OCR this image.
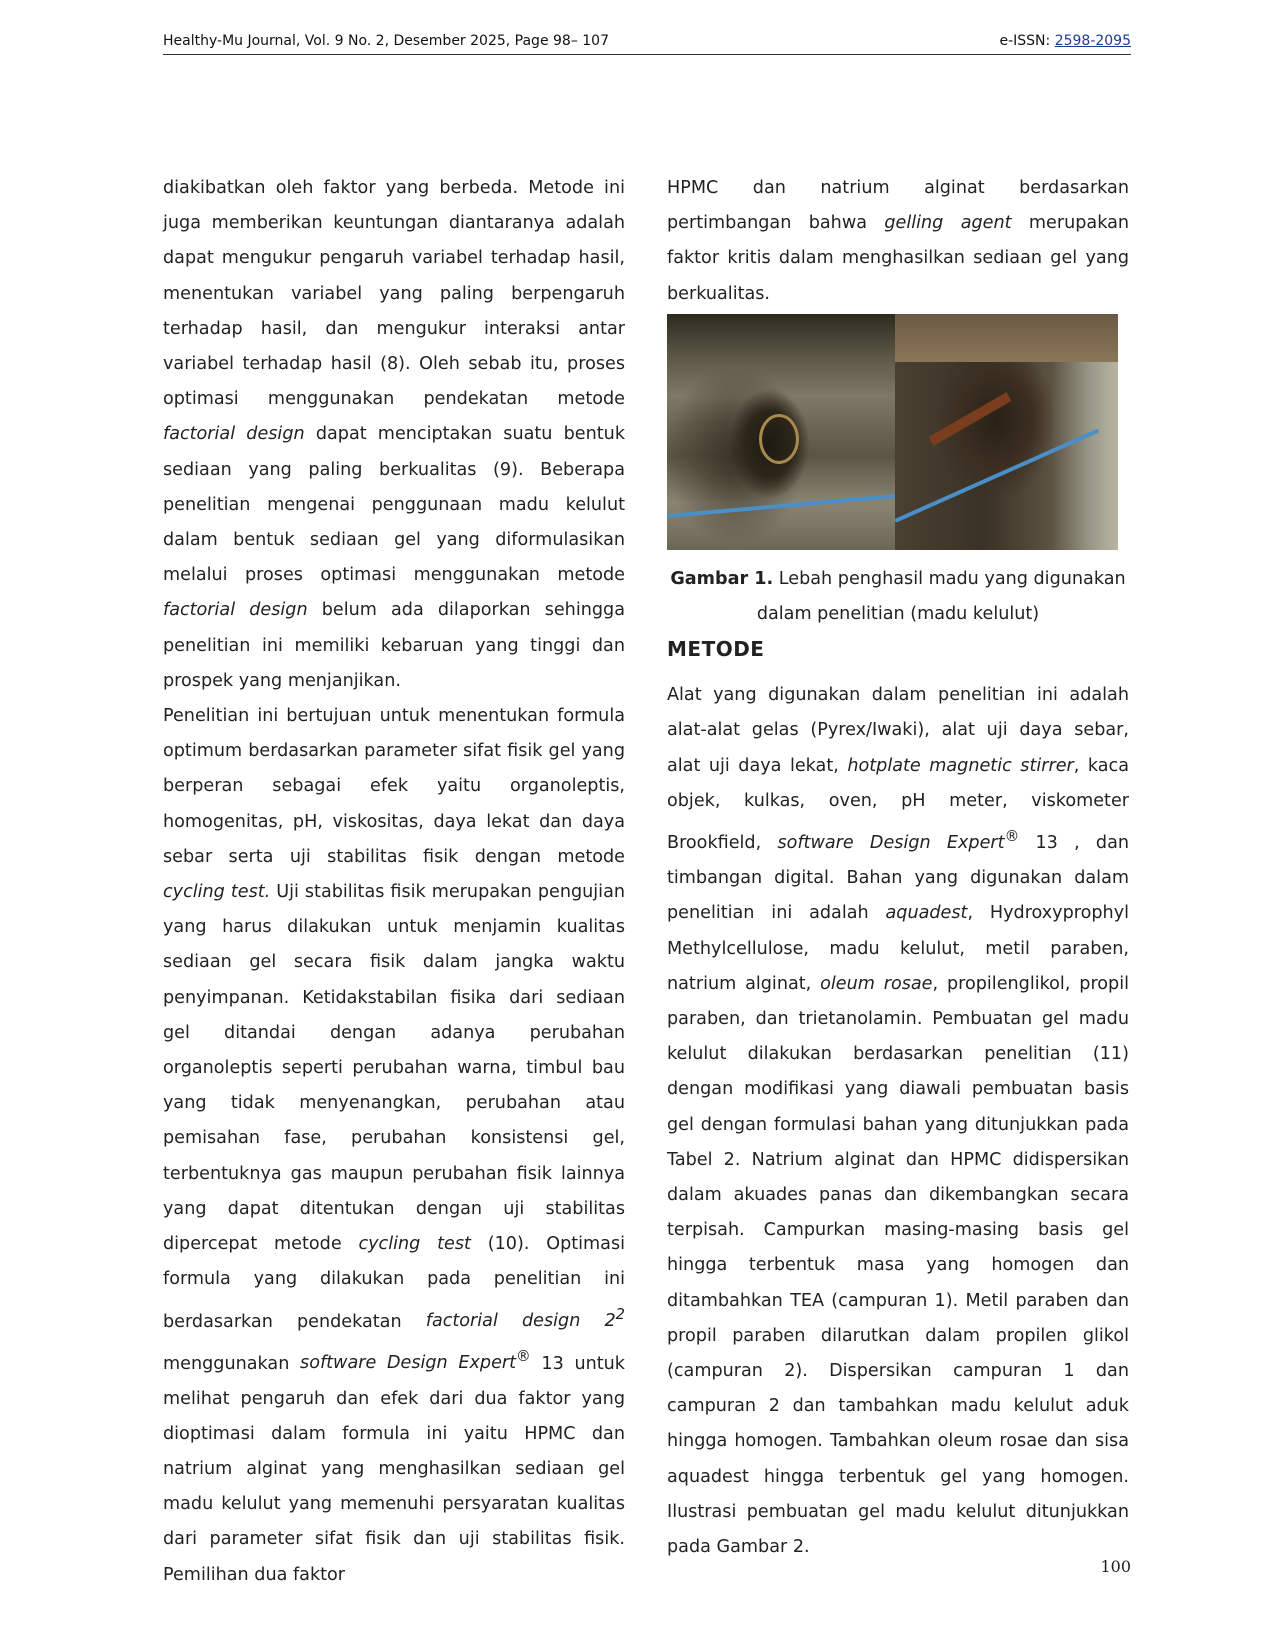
Healthy-Mu Journal, Vol. 9 No. 2, Desember 2025, Page 98– 107	e-ISSN: 2598-2095

diakibatkan oleh faktor yang berbeda. Metode ini juga memberikan keuntungan diantaranya adalah dapat mengukur pengaruh variabel terhadap hasil, menentukan variabel yang paling berpengaruh terhadap hasil, dan mengukur interaksi antar variabel terhadap hasil (8). Oleh sebab itu, proses optimasi menggunakan pendekatan metode factorial design dapat menciptakan suatu bentuk sediaan yang paling berkualitas (9). Beberapa penelitian mengenai penggunaan madu kelulut dalam bentuk sediaan gel yang diformulasikan melalui proses optimasi menggunakan metode factorial design belum ada dilaporkan sehingga penelitian ini memiliki kebaruan yang tinggi dan prospek yang menjanjikan.

Penelitian ini bertujuan untuk menentukan formula optimum berdasarkan parameter sifat fisik gel yang berperan sebagai efek yaitu organoleptis, homogenitas, pH, viskositas, daya lekat dan daya sebar serta uji stabilitas fisik dengan metode cycling test. Uji stabilitas fisik merupakan pengujian yang harus dilakukan untuk menjamin kualitas sediaan gel secara fisik dalam jangka waktu penyimpanan. Ketidakstabilan fisika dari sediaan gel ditandai dengan adanya perubahan organoleptis seperti perubahan warna, timbul bau yang tidak menyenangkan, perubahan atau pemisahan fase, perubahan konsistensi gel, terbentuknya gas maupun perubahan fisik lainnya yang dapat ditentukan dengan uji stabilitas dipercepat metode cycling test (10). Optimasi formula yang dilakukan pada penelitian ini berdasarkan pendekatan factorial design $2^2$ menggunakan software Design Expert® 13 untuk melihat pengaruh dan efek dari dua faktor yang dioptimasi dalam formula ini yaitu HPMC dan natrium alginat yang menghasilkan sediaan gel madu kelulut yang memenuhi persyaratan kualitas dari parameter sifat fisik dan uji stabilitas fisik. Pemilihan dua faktor

HPMC dan natrium alginat berdasarkan pertimbangan bahwa gelling agent merupakan faktor kritis dalam menghasilkan sediaan gel yang berkualitas.

Gambar 1. Lebah penghasil madu yang digunakan dalam penelitian (madu kelulut)
METODE

Alat yang digunakan dalam penelitian ini adalah alat-alat gelas (Pyrex/Iwaki), alat uji daya sebar, alat uji daya lekat, hotplate magnetic stirrer, kaca objek, kulkas, oven, pH meter, viskometer Brookfield, software Design Expert® 13 , dan timbangan digital. Bahan yang digunakan dalam penelitian ini adalah aquadest, Hydroxyprophyl Methylcellulose, madu kelulut, metil paraben, natrium alginat, oleum rosae, propilenglikol, propil paraben, dan trietanolamin. Pembuatan gel madu kelulut dilakukan berdasarkan penelitian (11) dengan modifikasi yang diawali pembuatan basis gel dengan formulasi bahan yang ditunjukkan pada Tabel 2. Natrium alginat dan HPMC didispersikan dalam akuades panas dan dikembangkan secara terpisah. Campurkan masing-masing basis gel hingga terbentuk masa yang homogen dan ditambahkan TEA (campuran 1). Metil paraben dan propil paraben dilarutkan dalam propilen glikol (campuran 2). Dispersikan campuran 1 dan campuran 2 dan tambahkan madu kelulut aduk hingga homogen. Tambahkan oleum rosae dan sisa aquadest hingga terbentuk gel yang homogen. Ilustrasi pembuatan gel madu kelulut ditunjukkan pada Gambar 2.

100
